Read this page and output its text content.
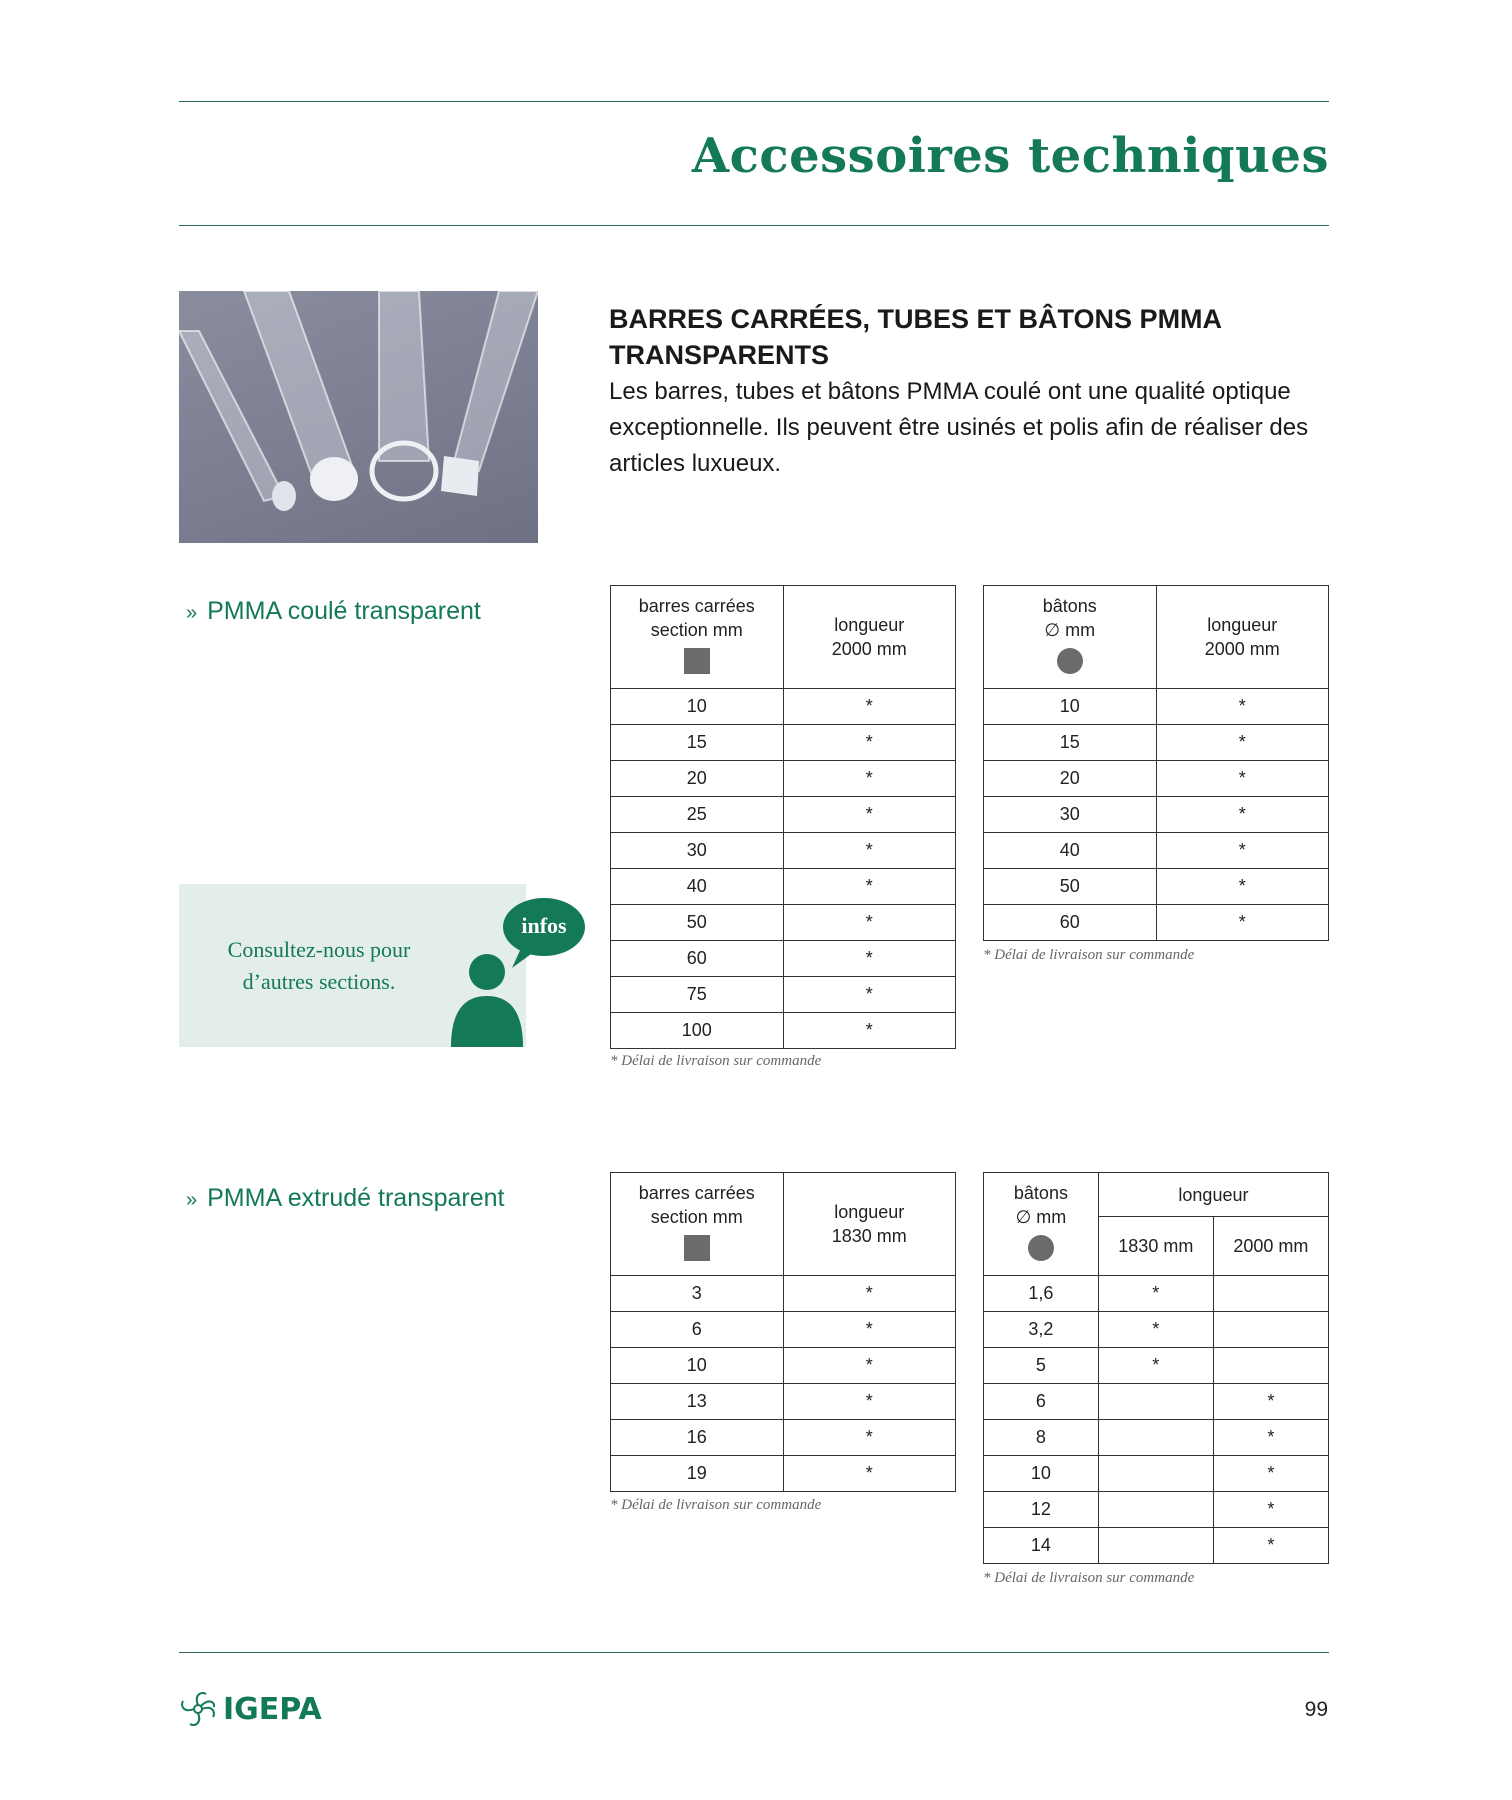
Accessoires techniques
BARRES CARRÉES, TUBES ET BÂTONS PMMA TRANSPARENTS
Les barres, tubes et bâtons PMMA coulé ont une qualité optique exceptionnelle. Ils peuvent être usinés et polis afin de réaliser des articles luxueux.
» PMMA coulé transparent	barres carrées
section mm	longueur
2000 mm
10	*
15	*
20	*
25	*
30	*
40	*
50	*
60	*
75	*
100	*
* Délai de livraison sur commande
bâtons
∅ mm	longueur
2000 mm
10	*
15	*
20	*
30	*
40	*
50	*
60	*
* Délai de livraison sur commande
Consultez-nous pour d’autres sections.
infos
» PMMA extrudé transparent	barres carrées
section mm	longueur
1830 mm
3	*
6	*
10	*
13	*
16	*
19	*
* Délai de livraison sur commande
bâtons
∅ mm	longueur	
	1830 mm	2000 mm
1,6	*	
3,2	*	
5	*	
6		*
8		*
10		*
12		*
14		*
* Délai de livraison sur commande
IGEPA	99
